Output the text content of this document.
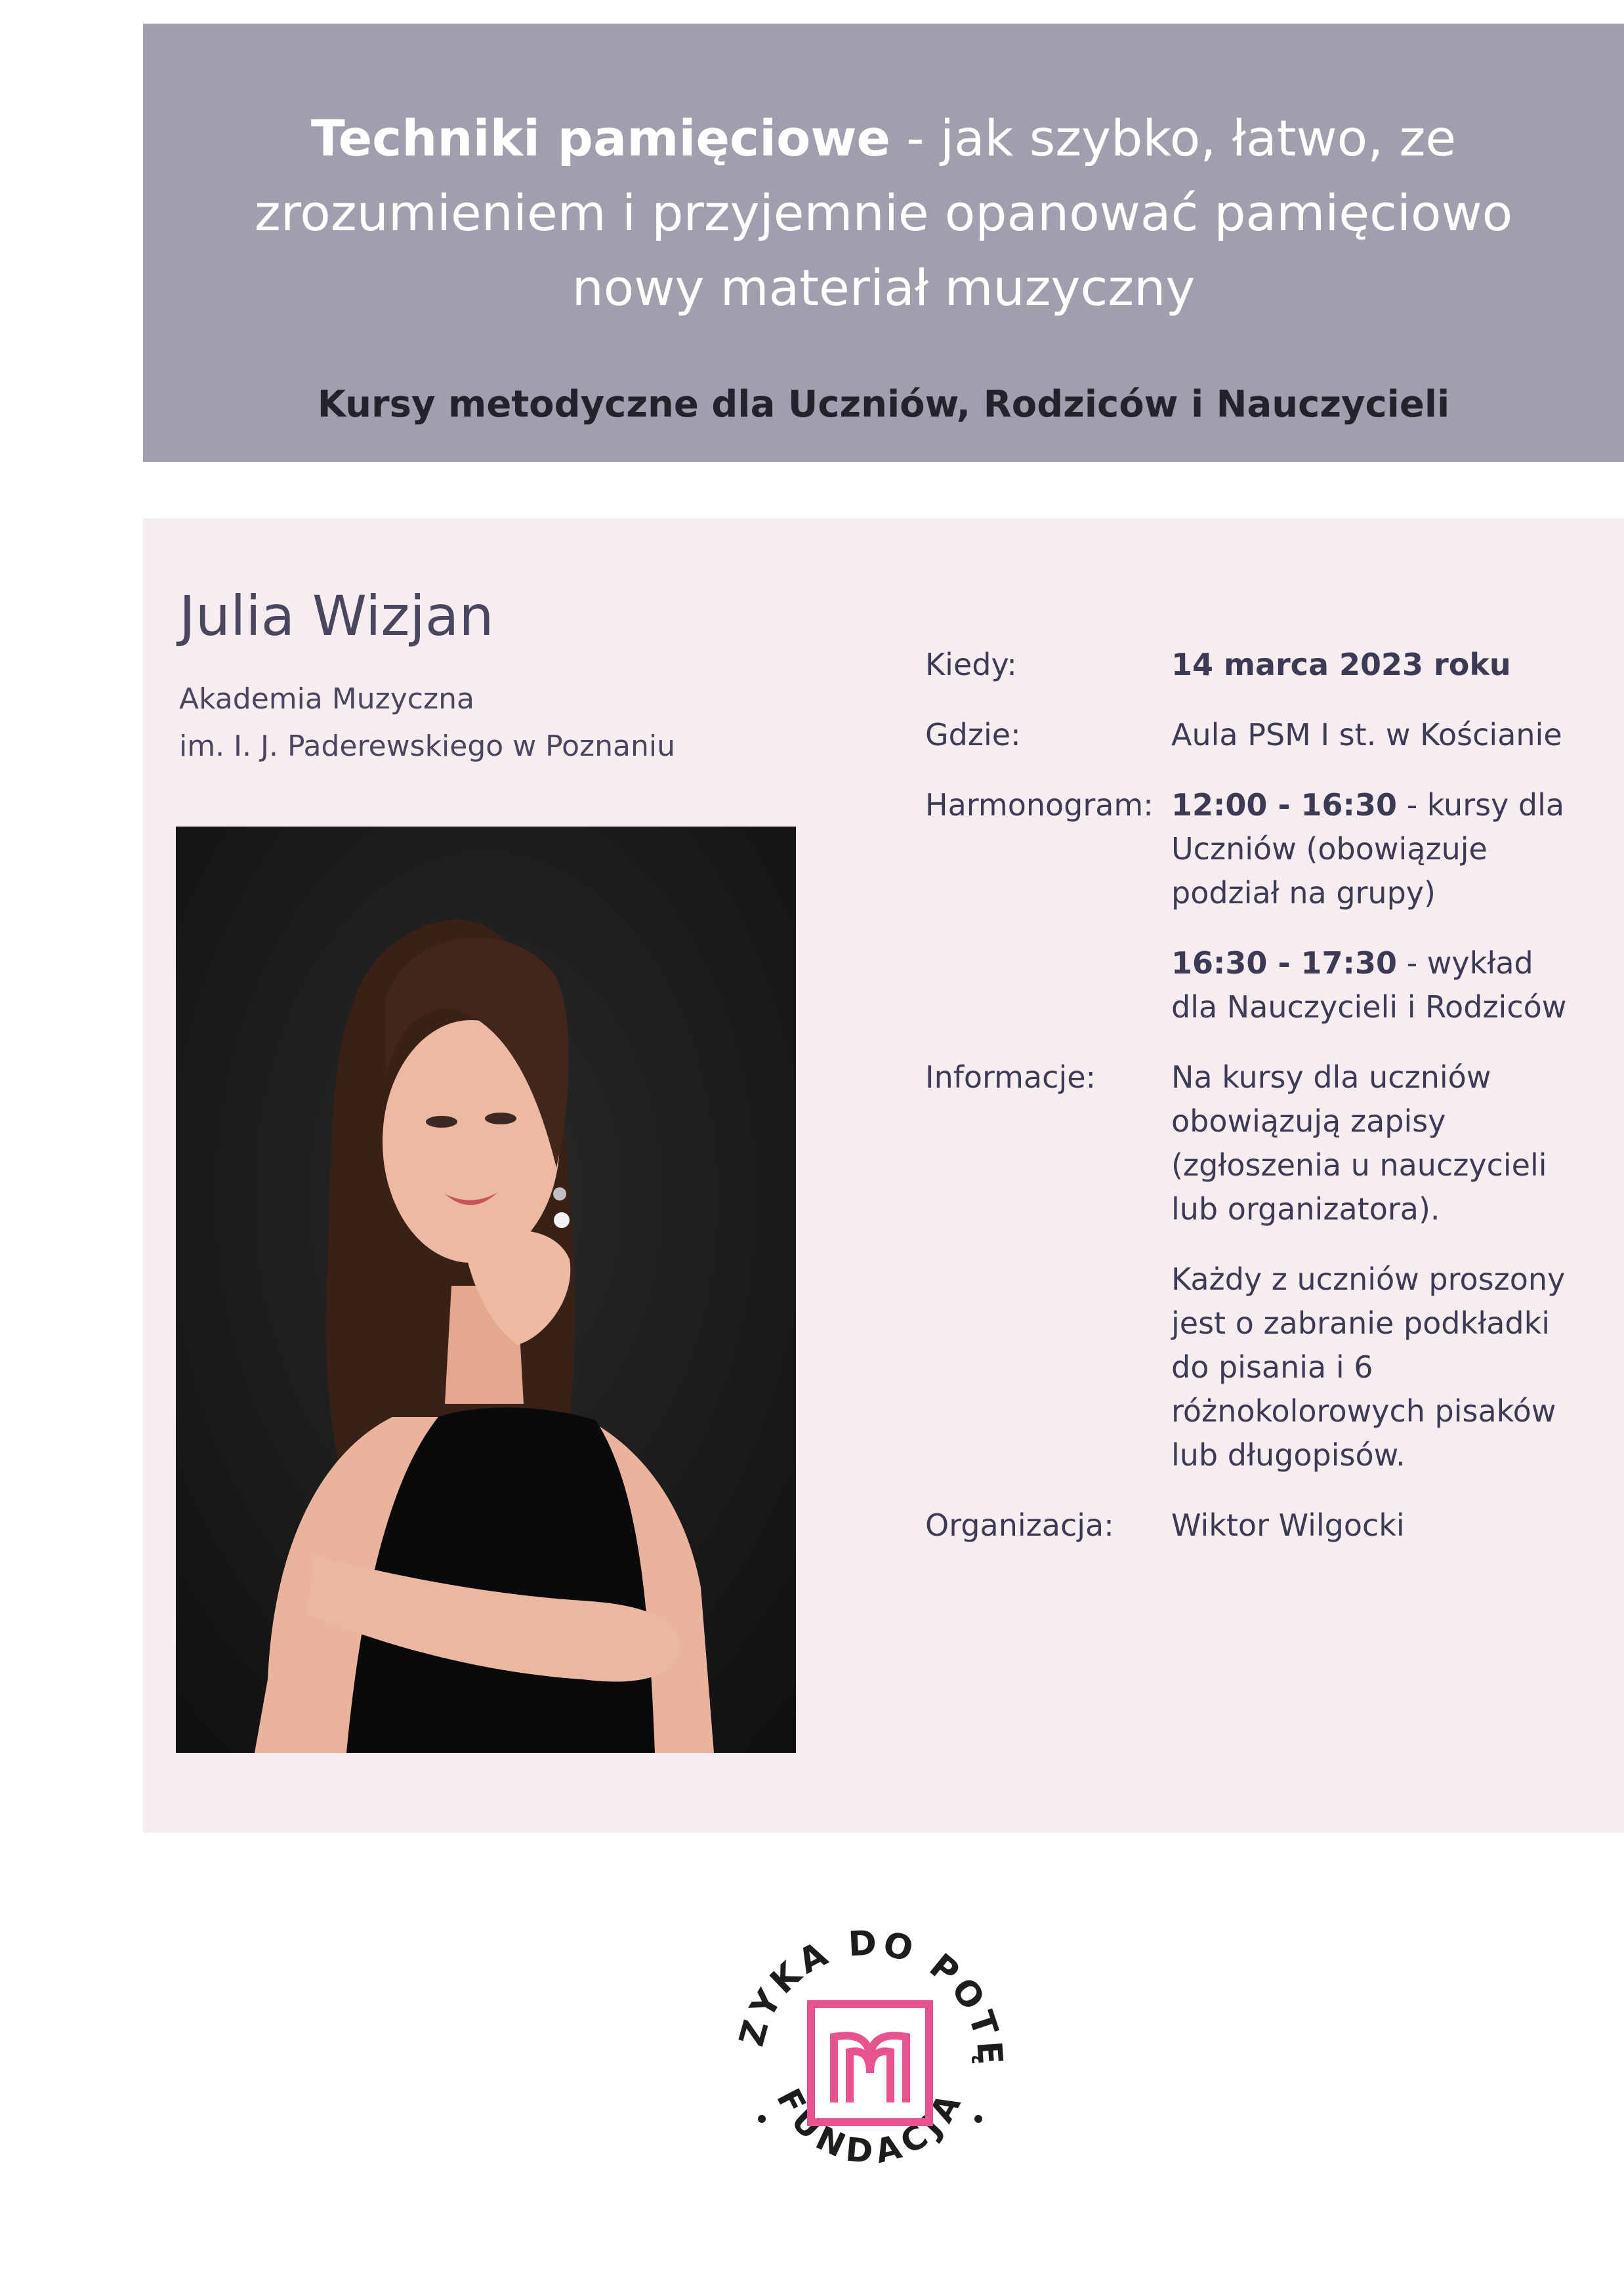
Techniki pamięciowe - jak szybko, łatwo, ze zrozumieniem i przyjemnie opanować pamięciowo nowy materiał muzyczny
Kursy metodyczne dla Uczniów, Rodziców i Nauczycieli
Julia Wizjan
Akademia Muzyczna
im. I. J. Paderewskiego w Poznaniu
Kiedy:	14 marca 2023 roku
Gdzie:	Aula PSM I st. w Kościanie
Harmonogram: 12:00 - 16:30 - kursy dla Uczniów (obowiązuje podział na grupy)

16:30 - 17:30 - wykład dla Nauczycieli i Rodziców

Informacje:	Na kursy dla uczniów obowiązują zapisy (zgłoszenia u nauczycieli lub organizatora).

Każdy z uczniów proszony jest o zabranie podkładki do pisania i 6 różnokolorowych pisaków lub długopisów.

Organizacja:	Wiktor Wilgocki
ZYKA DO POTĘ
FUNDACJA
